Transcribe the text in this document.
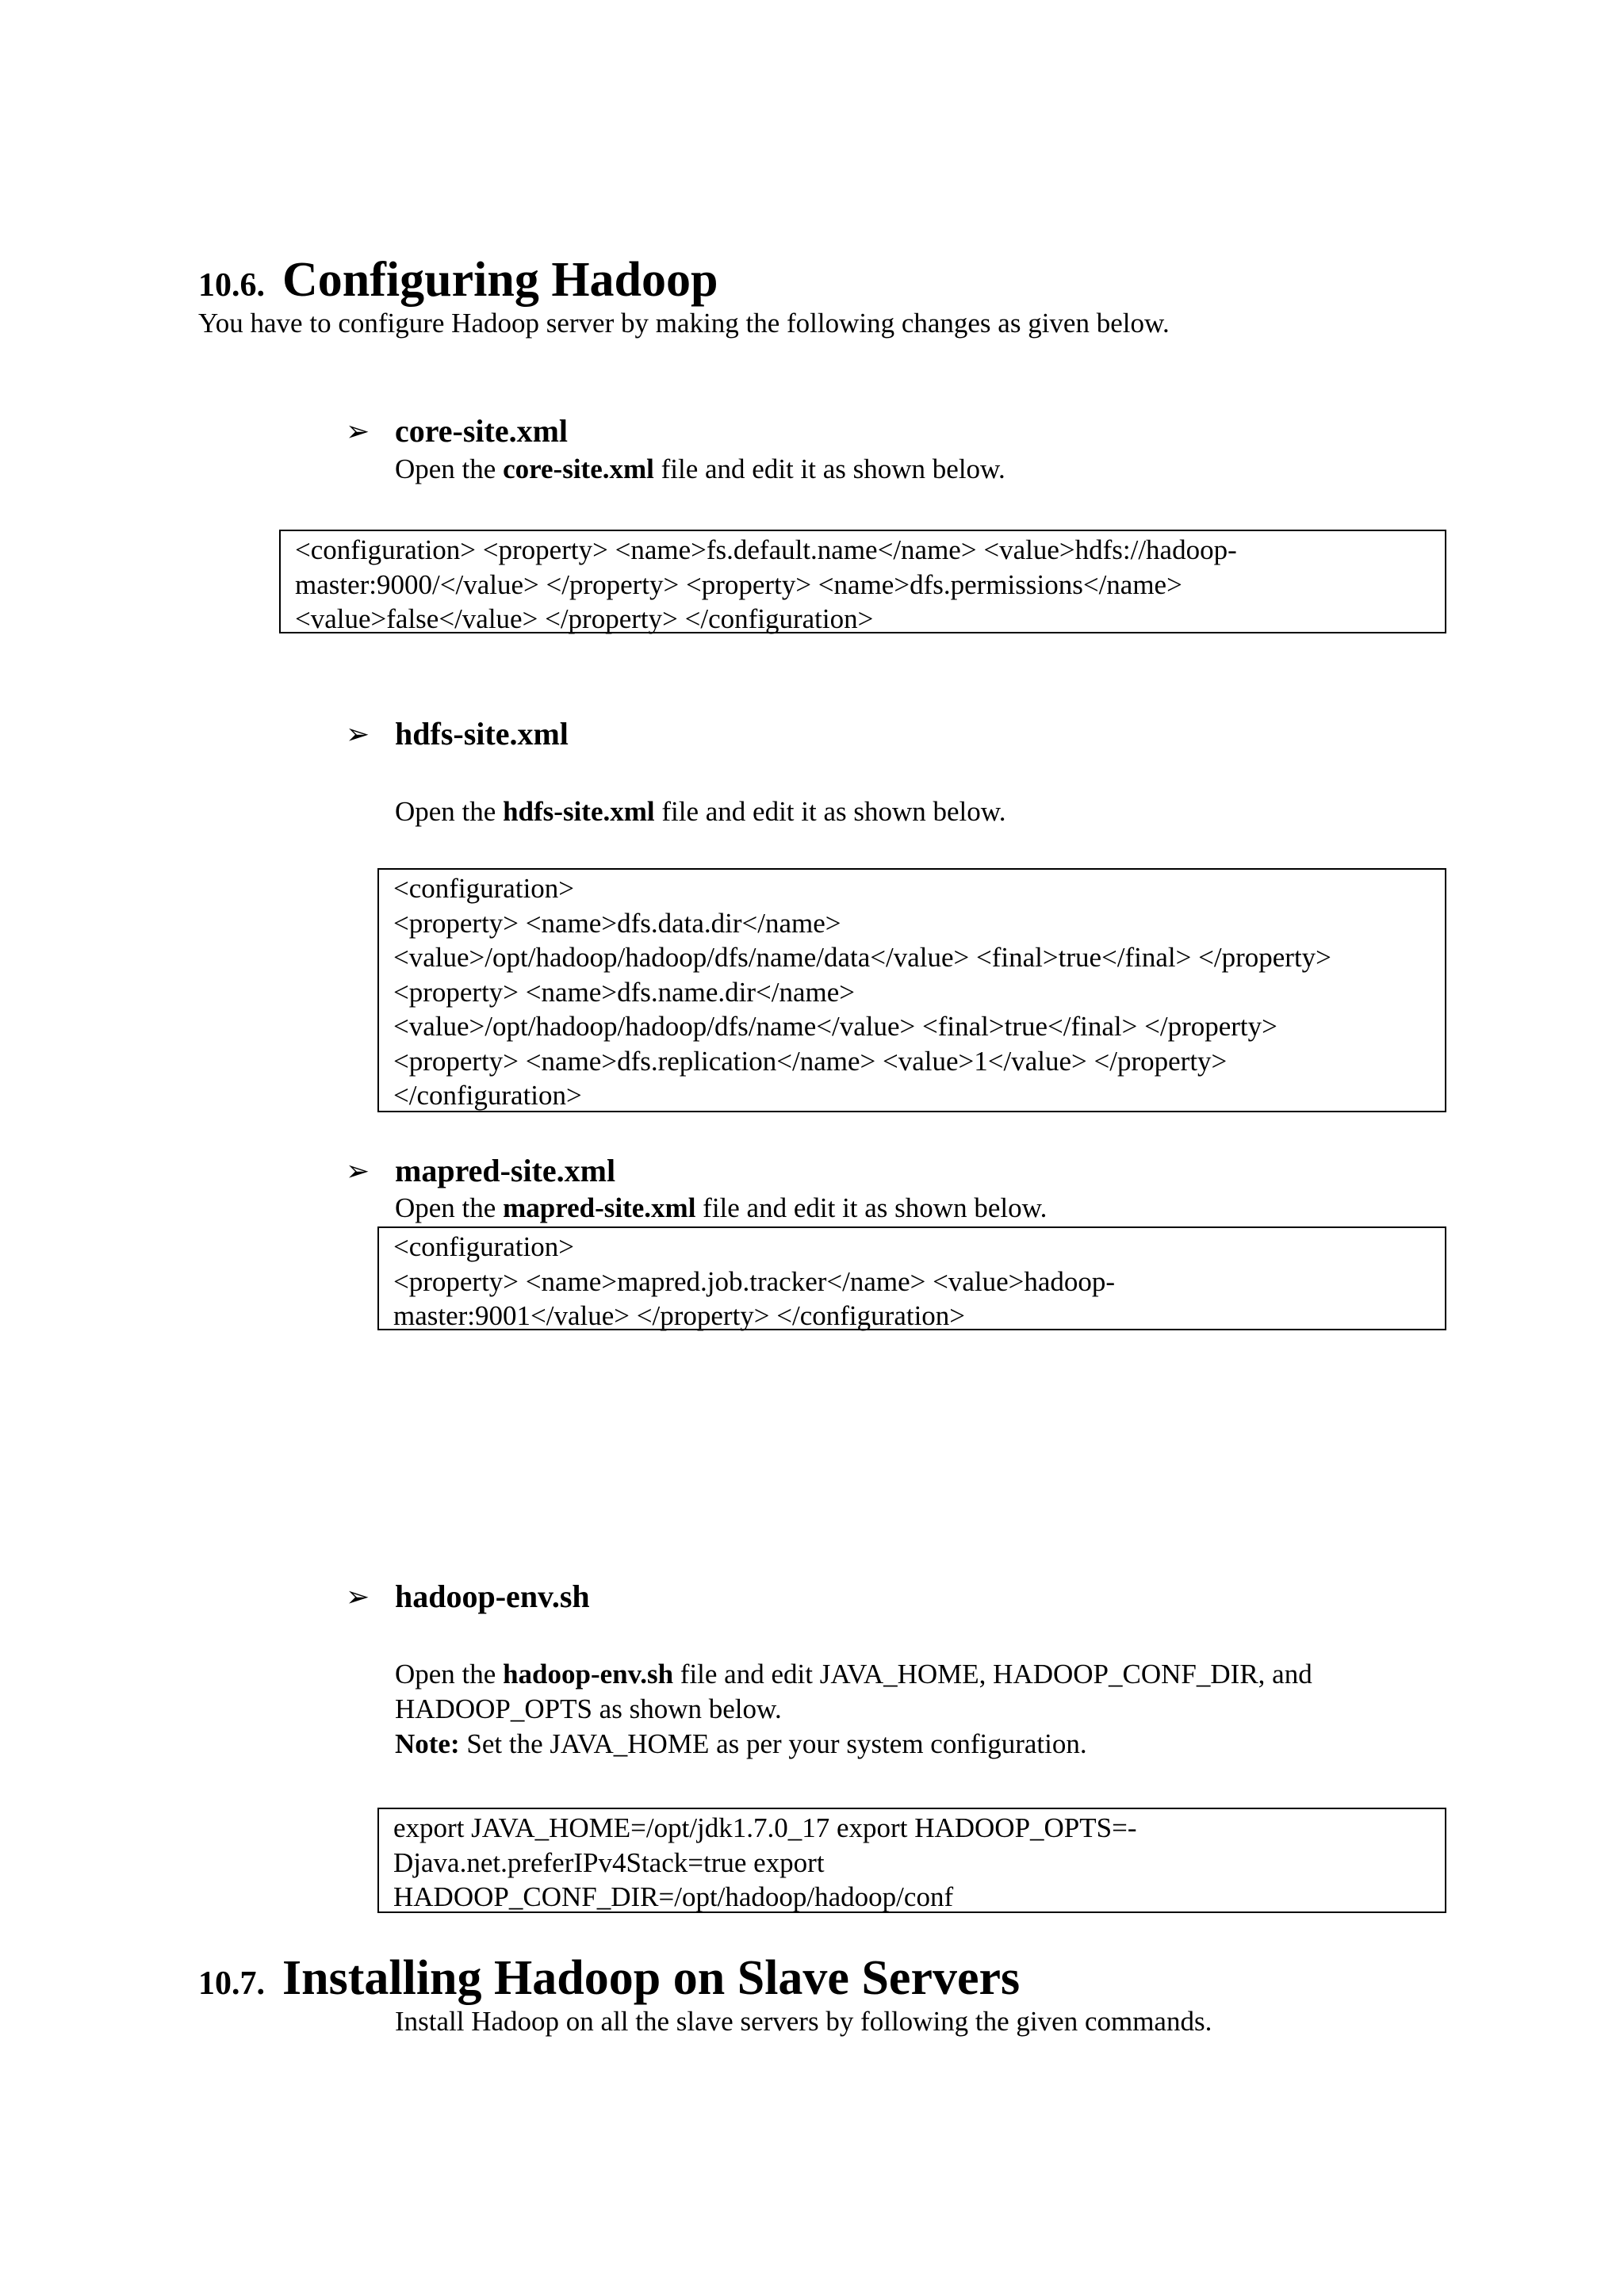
10.6. Configuring Hadoop
You have to configure Hadoop server by making the following changes as given below.
➢ core-site.xml
Open the core-site.xml file and edit it as shown below.
<configuration> <property> <name>fs.default.name</name> <value>hdfs://hadoop-
master:9000/</value> </property> <property> <name>dfs.permissions</name>
<value>false</value> </property> </configuration>
➢ hdfs-site.xml
Open the hdfs-site.xml file and edit it as shown below.
<configuration>
<property> <name>dfs.data.dir</name>
<value>/opt/hadoop/hadoop/dfs/name/data</value> <final>true</final> </property>
<property> <name>dfs.name.dir</name>
<value>/opt/hadoop/hadoop/dfs/name</value> <final>true</final> </property>
<property> <name>dfs.replication</name> <value>1</value> </property>
</configuration>
➢ mapred-site.xml
Open the mapred-site.xml file and edit it as shown below.
<configuration>
<property> <name>mapred.job.tracker</name> <value>hadoop-
master:9001</value> </property> </configuration>
➢ hadoop-env.sh
Open the hadoop-env.sh file and edit JAVA_HOME, HADOOP_CONF_DIR, and
HADOOP_OPTS as shown below.
Note: Set the JAVA_HOME as per your system configuration.
export JAVA_HOME=/opt/jdk1.7.0_17 export HADOOP_OPTS=-
Djava.net.preferIPv4Stack=true export
HADOOP_CONF_DIR=/opt/hadoop/hadoop/conf
10.7. Installing Hadoop on Slave Servers
Install Hadoop on all the slave servers by following the given commands.
